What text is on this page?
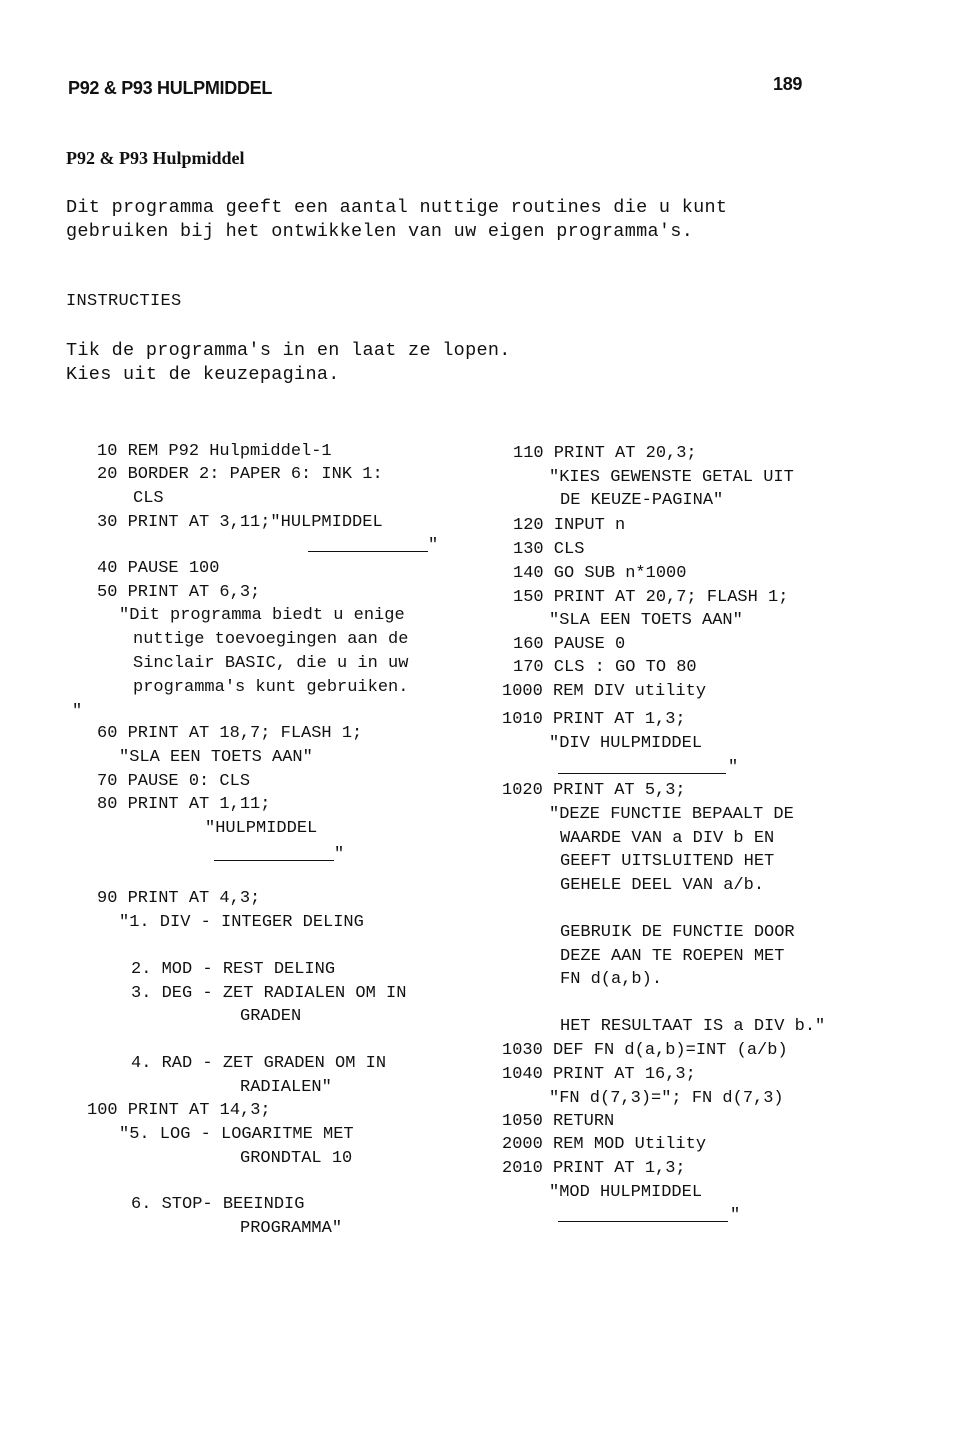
P92 & P93 HULPMIDDEL	189
P92 & P93 Hulpmiddel
Dit programma geeft een aantal nuttige routines die u kunt
gebruiken bij het ontwikkelen van uw eigen programma's.
INSTRUCTIES
Tik de programma's in en laat ze lopen.
Kies uit de keuzepagina.
10 REM P92 Hulpmiddel-1
20 BORDER 2: PAPER 6: INK 1:
CLS
30 PRINT AT 3,11;"HULPMIDDEL
"
40 PAUSE 100
50 PRINT AT 6,3;
"Dit programma biedt u enige
nuttige toevoegingen aan de
Sinclair BASIC, die u in uw
programma's kunt gebruiken.
"
60 PRINT AT 18,7; FLASH 1;
"SLA EEN TOETS AAN"
70 PAUSE 0: CLS
80 PRINT AT 1,11;
"HULPMIDDEL
"
90 PRINT AT 4,3;
"1. DIV - INTEGER DELING
2. MOD - REST DELING
3. DEG - ZET RADIALEN OM IN
GRADEN
4. RAD - ZET GRADEN OM IN
RADIALEN"
100 PRINT AT 14,3;
"5. LOG - LOGARITME MET
GRONDTAL 10
6. STOP- BEEINDIG
PROGRAMMA"
110 PRINT AT 20,3;
"KIES GEWENSTE GETAL UIT
DE KEUZE-PAGINA"
120 INPUT n
130 CLS
140 GO SUB n*1000
150 PRINT AT 20,7; FLASH 1;
"SLA EEN TOETS AAN"
160 PAUSE 0
170 CLS : GO TO 80
1000 REM DIV utility
1010 PRINT AT 1,3;
"DIV HULPMIDDEL
"
1020 PRINT AT 5,3;
"DEZE FUNCTIE BEPAALT DE
WAARDE VAN a DIV b EN
GEEFT UITSLUITEND HET
GEHELE DEEL VAN a/b.
GEBRUIK DE FUNCTIE DOOR
DEZE AAN TE ROEPEN MET
FN d(a,b).
HET RESULTAAT IS a DIV b."
1030 DEF FN d(a,b)=INT (a/b)
1040 PRINT AT 16,3;
"FN d(7,3)="; FN d(7,3)
1050 RETURN
2000 REM MOD Utility
2010 PRINT AT 1,3;
"MOD HULPMIDDEL
"
